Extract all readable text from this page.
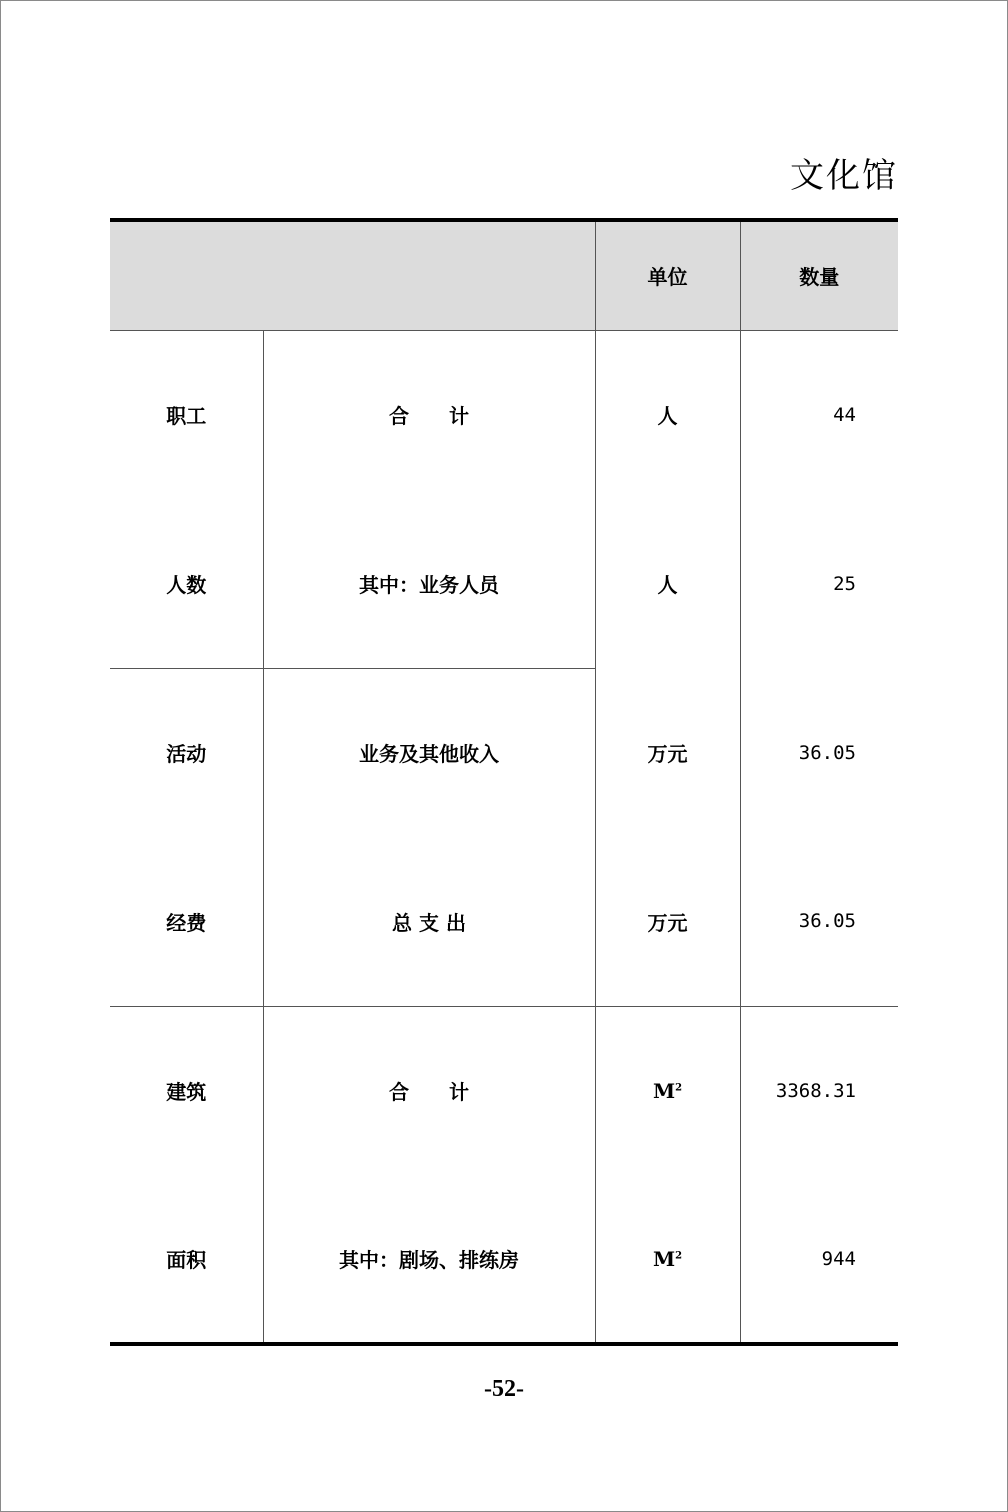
文化馆
		单位	数量
职工	合　　计	人	44
人数	其中：业务人员	人	25
活动	业务及其他收入	万元	36.05
经费	总 支 出	万元	36.05
建筑	合　　计	$M^2$	3368.31
面积	其中：剧场、排练房	$M^2$	944
-52-
